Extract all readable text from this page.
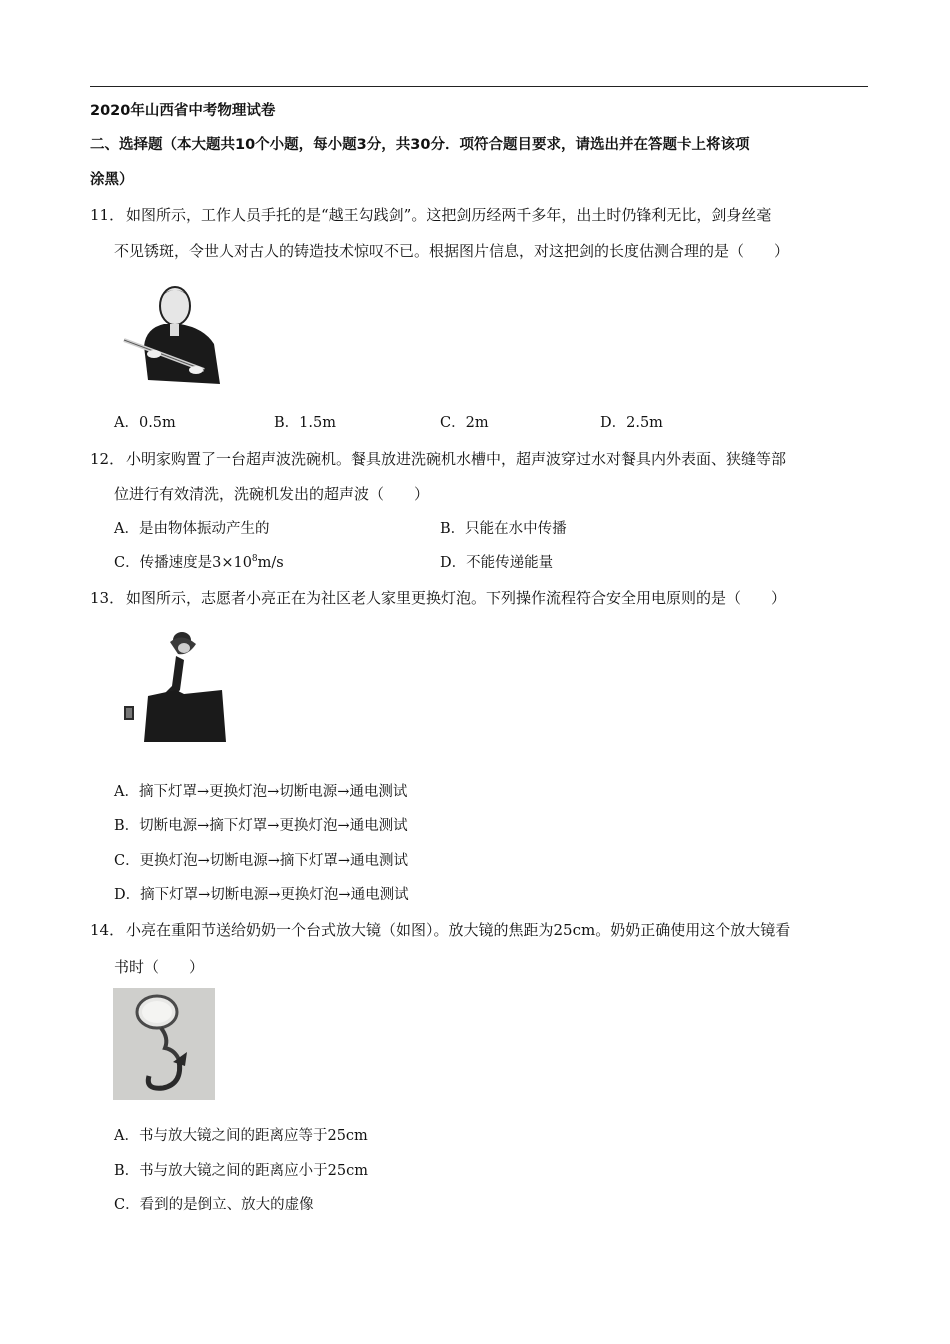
2020年山西省中考物理试卷
二、选择题（本大题共10个小题，每小题3分，共30分．项符合题目要求，请选出并在答题卡上将该项
涂黑）
11． 如图所示，工作人员手托的是“越王勾践剑”。这把剑历经两千多年，出土时仍锋利无比，剑身丝毫
不见锈斑，令世人对古人的铸造技术惊叹不已。根据图片信息，对这把剑的长度估测合理的是（　　）
A．0.5m	B．1.5m	C．2m	D．2.5m
12． 小明家购置了一台超声波洗碗机。餐具放进洗碗机水槽中，超声波穿过水对餐具内外表面、狭缝等部
位进行有效清洗，洗碗机发出的超声波（　　）
A．是由物体振动产生的	B．只能在水中传播
C．传播速度是$3\times 10^8m/s$	D．不能传递能量
13． 如图所示，志愿者小亮正在为社区老人家里更换灯泡。下列操作流程符合安全用电原则的是（　　）
A．摘下灯罩→更换灯泡→切断电源→通电测试
B．切断电源→摘下灯罩→更换灯泡→通电测试
C．更换灯泡→切断电源→摘下灯罩→通电测试
D．摘下灯罩→切断电源→更换灯泡→通电测试
14． 小亮在重阳节送给奶奶一个台式放大镜（如图）。放大镜的焦距为25cm。奶奶正确使用这个放大镜看
书时（　　）
A．书与放大镜之间的距离应等于25cm
B．书与放大镜之间的距离应小于25cm
C．看到的是倒立、放大的虚像
